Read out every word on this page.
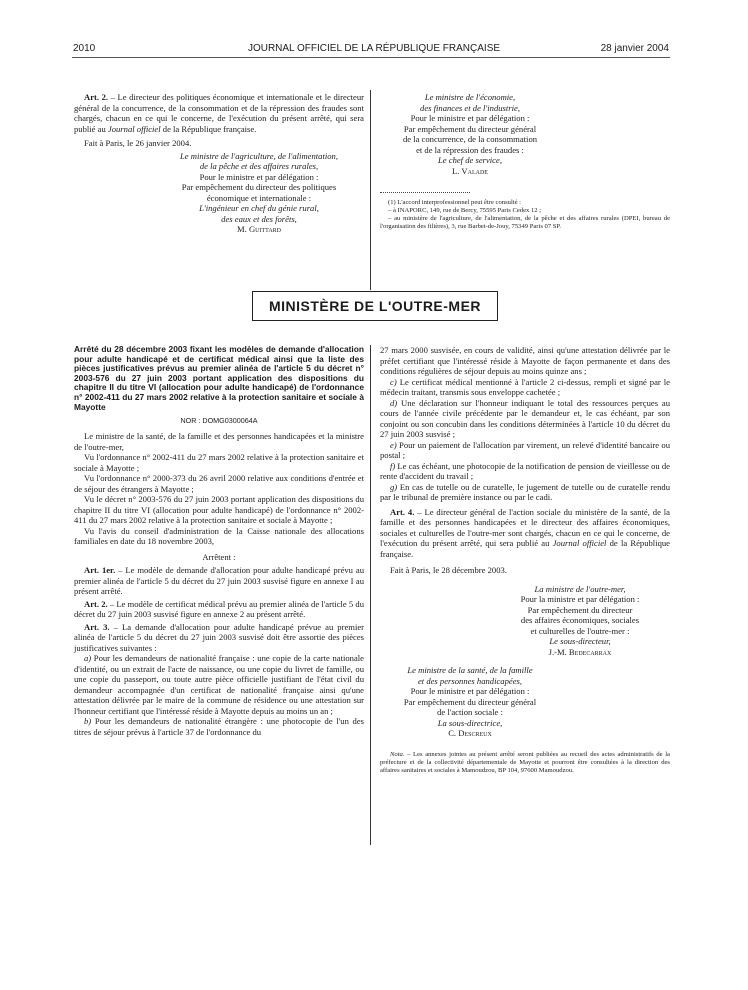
2010	JOURNAL OFFICIEL DE LA RÉPUBLIQUE FRANÇAISE	28 janvier 2004

Art. 2. – Le directeur des politiques économique et internationale et le directeur général de la concurrence, de la consommation et de la répression des fraudes sont chargés, chacun en ce qui le concerne, de l'exécution du présent arrêté, qui sera publié au Journal officiel de la République française.

Fait à Paris, le 26 janvier 2004.

Le ministre de l'agriculture, de l'alimentation,

de la pêche et des affaires rurales,

Pour le ministre et par délégation :

Par empêchement du directeur des politiques

économique et internationale :

L'ingénieur en chef du génie rural,

des eaux et des forêts,

M. Guittard

Le ministre de l'économie,

des finances et de l'industrie,

Pour le ministre et par délégation :

Par empêchement du directeur général

de la concurrence, de la consommation

et de la répression des fraudes :

Le chef de service,

L. Valade

(1) L'accord interprofessionnel peut être consulté :

– à INAPORC, 149, rue de Bercy, 75595 Paris Cedex 12 ;

– au ministère de l'agriculture, de l'alimentation, de la pêche et des affaires rurales (DPEI, bureau de l'organisation des filières), 3, rue Barbet-de-Jouy, 75349 Paris 07 SP.

MINISTÈRE DE L'OUTRE-MER

Arrêté du 28 décembre 2003 fixant les modèles de demande d'allocation pour adulte handicapé et de certificat médical ainsi que la liste des pièces justificatives prévus au premier alinéa de l'article 5 du décret n° 2003-576 du 27 juin 2003 portant application des dispositions du chapitre II du titre VI (allocation pour adulte handicapé) de l'ordonnance n° 2002-411 du 27 mars 2002 relative à la protection sanitaire et sociale à Mayotte

NOR : DOMG0300064A

Le ministre de la santé, de la famille et des personnes handicapées et la ministre de l'outre-mer,

Vu l'ordonnance n° 2002-411 du 27 mars 2002 relative à la protection sanitaire et sociale à Mayotte ;

Vu l'ordonnance n° 2000-373 du 26 avril 2000 relative aux conditions d'entrée et de séjour des étrangers à Mayotte ;

Vu le décret n° 2003-576 du 27 juin 2003 portant application des dispositions du chapitre II du titre VI (allocation pour adulte handicapé) de l'ordonnance n° 2002-411 du 27 mars 2002 relative à la protection sanitaire et sociale à Mayotte ;

Vu l'avis du conseil d'administration de la Caisse nationale des allocations familiales en date du 18 novembre 2003,

Arrêtent :

Art. 1er. – Le modèle de demande d'allocation pour adulte handicapé prévu au premier alinéa de l'article 5 du décret du 27 juin 2003 susvisé figure en annexe I au présent arrêté.

Art. 2. – Le modèle de certificat médical prévu au premier alinéa de l'article 5 du décret du 27 juin 2003 susvisé figure en annexe 2 au présent arrêté.

Art. 3. – La demande d'allocation pour adulte handicapé prévue au premier alinéa de l'article 5 du décret du 27 juin 2003 susvisé doit être assortie des pièces justificatives suivantes :

a) Pour les demandeurs de nationalité française : une copie de la carte nationale d'identité, ou un extrait de l'acte de naissance, ou une copie du livret de famille, ou une copie du passeport, ou toute autre pièce officielle justifiant de l'état civil du demandeur accompagnée d'un certificat de nationalité française ainsi qu'une attestation délivrée par le maire de la commune de résidence ou une attestation sur l'honneur certifiant que l'intéressé réside à Mayotte depuis au moins un an ;

b) Pour les demandeurs de nationalité étrangère : une photocopie de l'un des titres de séjour prévus à l'article 37 de l'ordonnance du

27 mars 2000 susvisée, en cours de validité, ainsi qu'une attestation délivrée par le préfet certifiant que l'intéressé réside à Mayotte de façon permanente et dans des conditions régulières de séjour depuis au moins quinze ans ;

c) Le certificat médical mentionné à l'article 2 ci-dessus, rempli et signé par le médecin traitant, transmis sous enveloppe cachetée ;

d) Une déclaration sur l'honneur indiquant le total des ressources perçues au cours de l'année civile précédente par le demandeur et, le cas échéant, par son conjoint ou son concubin dans les conditions déterminées à l'article 10 du décret du 27 juin 2003 susvisé ;

e) Pour un paiement de l'allocation par virement, un relevé d'identité bancaire ou postal ;

f) Le cas échéant, une photocopie de la notification de pension de vieillesse ou de rente d'accident du travail ;

g) En cas de tutelle ou de curatelle, le jugement de tutelle ou de curatelle rendu par le tribunal de première instance ou par le cadi.

Art. 4. – Le directeur général de l'action sociale du ministère de la santé, de la famille et des personnes handicapées et le directeur des affaires économiques, sociales et culturelles de l'outre-mer sont chargés, chacun en ce qui le concerne, de l'exécution du présent arrêté, qui sera publié au Journal officiel de la République française.

Fait à Paris, le 28 décembre 2003.

La ministre de l'outre-mer,

Pour la ministre et par délégation :

Par empêchement du directeur

des affaires économiques, sociales

et culturelles de l'outre-mer :

Le sous-directeur,

J.-M. Bedecarrax

Le ministre de la santé, de la famille

et des personnes handicapées,

Pour le ministre et par délégation :

Par empêchement du directeur général

de l'action sociale :

La sous-directrice,

C. Descreux

Nota. – Les annexes jointes au présent arrêté seront publiées au recueil des actes administratifs de la préfecture et de la collectivité départementale de Mayotte et pourront être consultées à la direction des affaires sanitaires et sociales à Mamoudzou, BP 104, 97600 Mamoudzou.
